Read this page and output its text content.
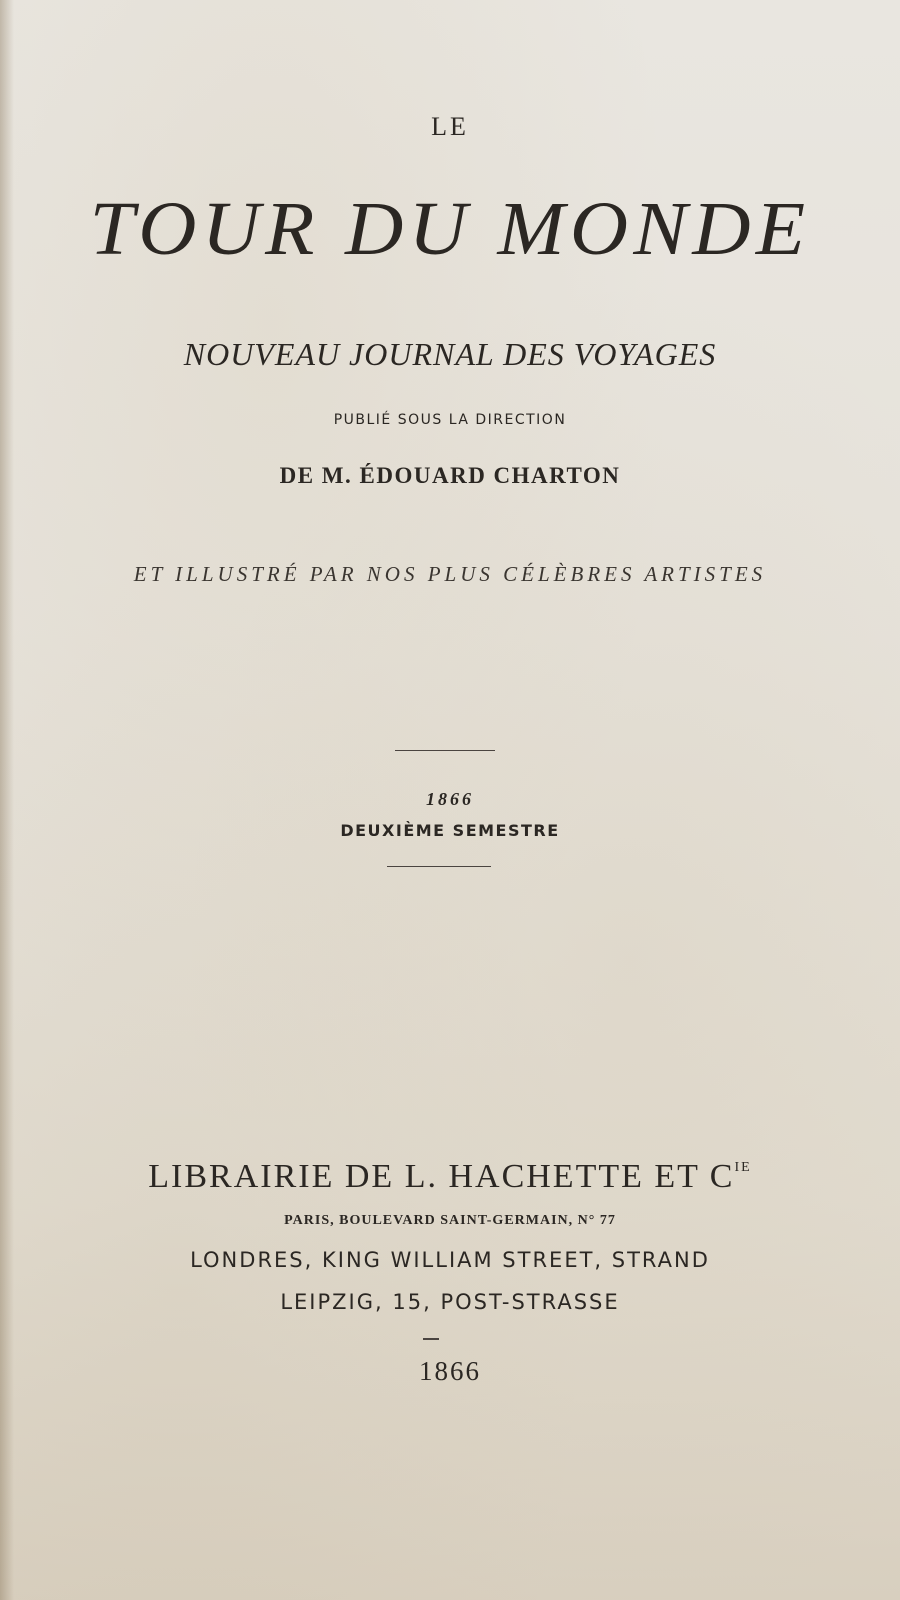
LE
TOUR DU MONDE
NOUVEAU JOURNAL DES VOYAGES
PUBLIÉ SOUS LA DIRECTION
DE M. ÉDOUARD CHARTON
ET ILLUSTRÉ PAR NOS PLUS CÉLÈBRES ARTISTES
1866
DEUXIÈME SEMESTRE
LIBRAIRIE DE L. HACHETTE ET $C^{IE}$
PARIS, BOULEVARD SAINT-GERMAIN, N° 77
LONDRES, KING WILLIAM STREET, STRAND
LEIPZIG, 15, POST-STRASSE
1866
